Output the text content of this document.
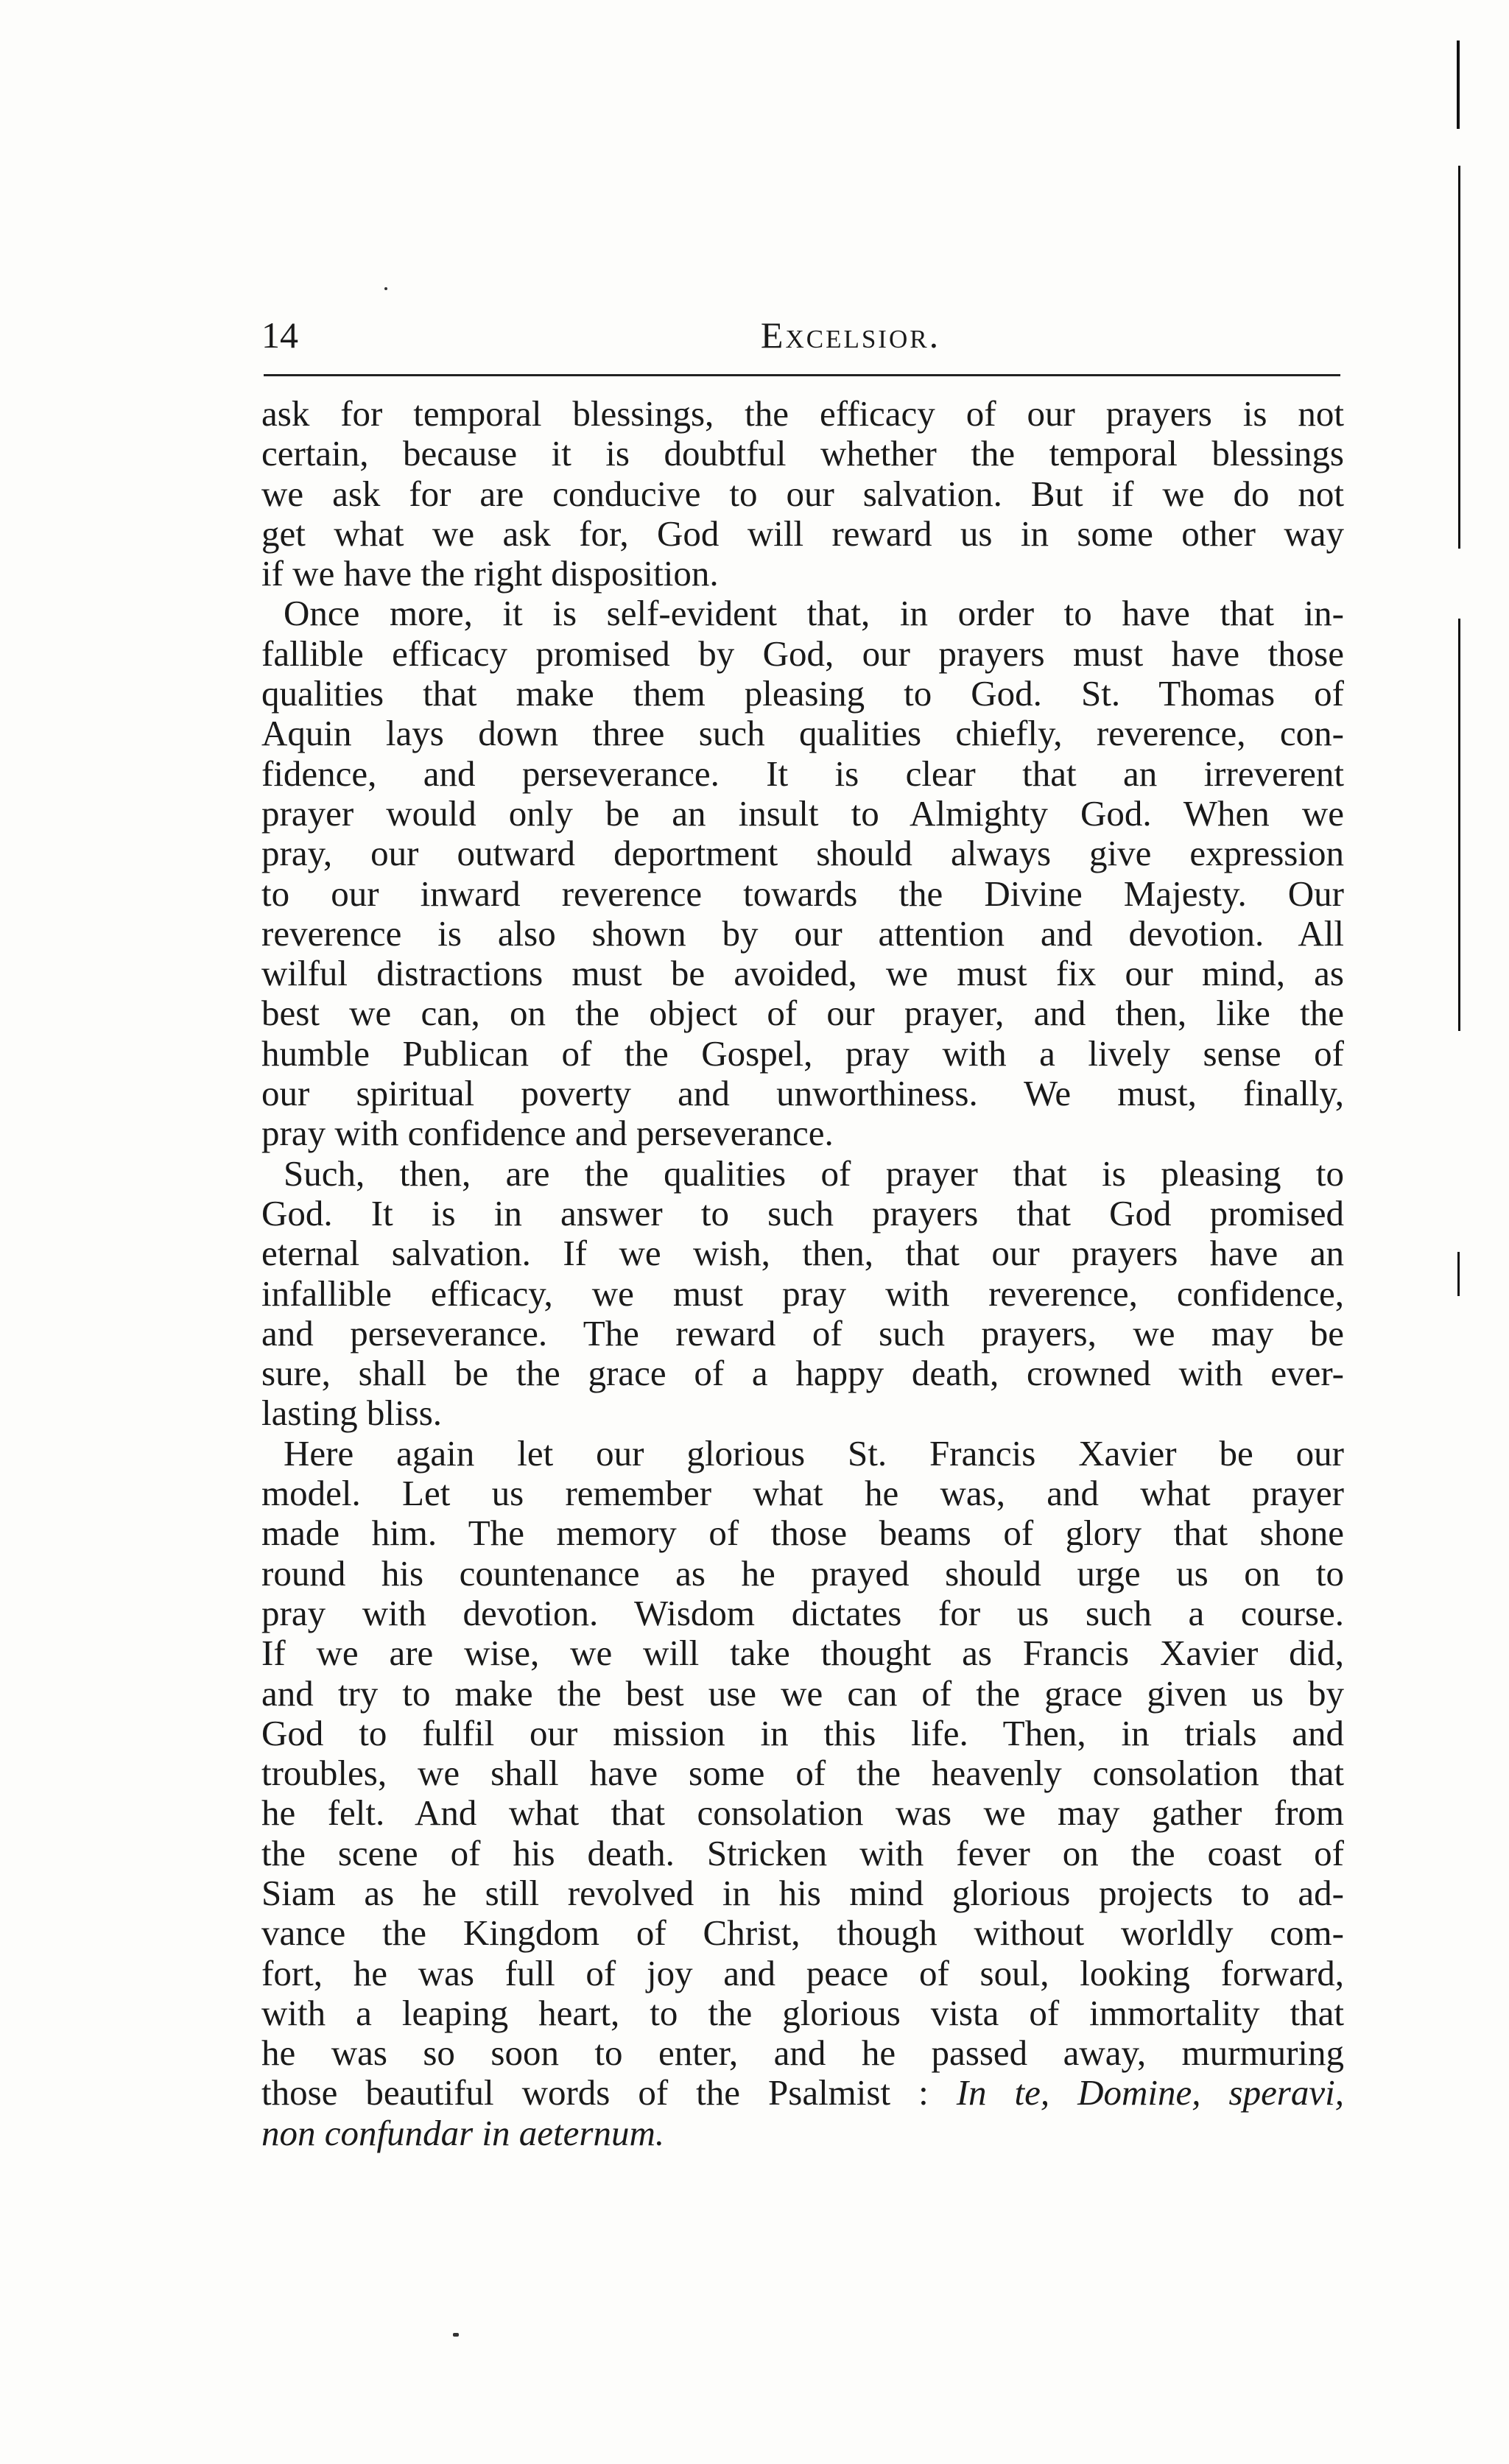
14	Excelsior.
ask for temporal blessings, the efficacy of our prayers is not
certain, because it is doubtful whether the temporal blessings
we ask for are conducive to our salvation. But if we do not
get what we ask for, God will reward us in some other way
if we have the right disposition.
Once more, it is self-evident that, in order to have that in-
fallible efficacy promised by God, our prayers must have those
qualities that make them pleasing to God. St. Thomas of
Aquin lays down three such qualities chiefly, reverence, con-
fidence, and perseverance. It is clear that an irreverent
prayer would only be an insult to Almighty God. When we
pray, our outward deportment should always give expression
to our inward reverence towards the Divine Majesty. Our
reverence is also shown by our attention and devotion. All
wilful distractions must be avoided, we must fix our mind, as
best we can, on the object of our prayer, and then, like the
humble Publican of the Gospel, pray with a lively sense of
our spiritual poverty and unworthiness. We must, finally,
pray with confidence and perseverance.
Such, then, are the qualities of prayer that is pleasing to
God. It is in answer to such prayers that God promised
eternal salvation. If we wish, then, that our prayers have an
infallible efficacy, we must pray with reverence, confidence,
and perseverance. The reward of such prayers, we may be
sure, shall be the grace of a happy death, crowned with ever-
lasting bliss.
Here again let our glorious St. Francis Xavier be our
model. Let us remember what he was, and what prayer
made him. The memory of those beams of glory that shone
round his countenance as he prayed should urge us on to
pray with devotion. Wisdom dictates for us such a course.
If we are wise, we will take thought as Francis Xavier did,
and try to make the best use we can of the grace given us by
God to fulfil our mission in this life. Then, in trials and
troubles, we shall have some of the heavenly consolation that
he felt. And what that consolation was we may gather from
the scene of his death. Stricken with fever on the coast of
Siam as he still revolved in his mind glorious projects to ad-
vance the Kingdom of Christ, though without worldly com-
fort, he was full of joy and peace of soul, looking forward,
with a leaping heart, to the glorious vista of immortality that
he was so soon to enter, and he passed away, murmuring
those beautiful words of the Psalmist : In te, Domine, speravi,
non confundar in aeternum.
